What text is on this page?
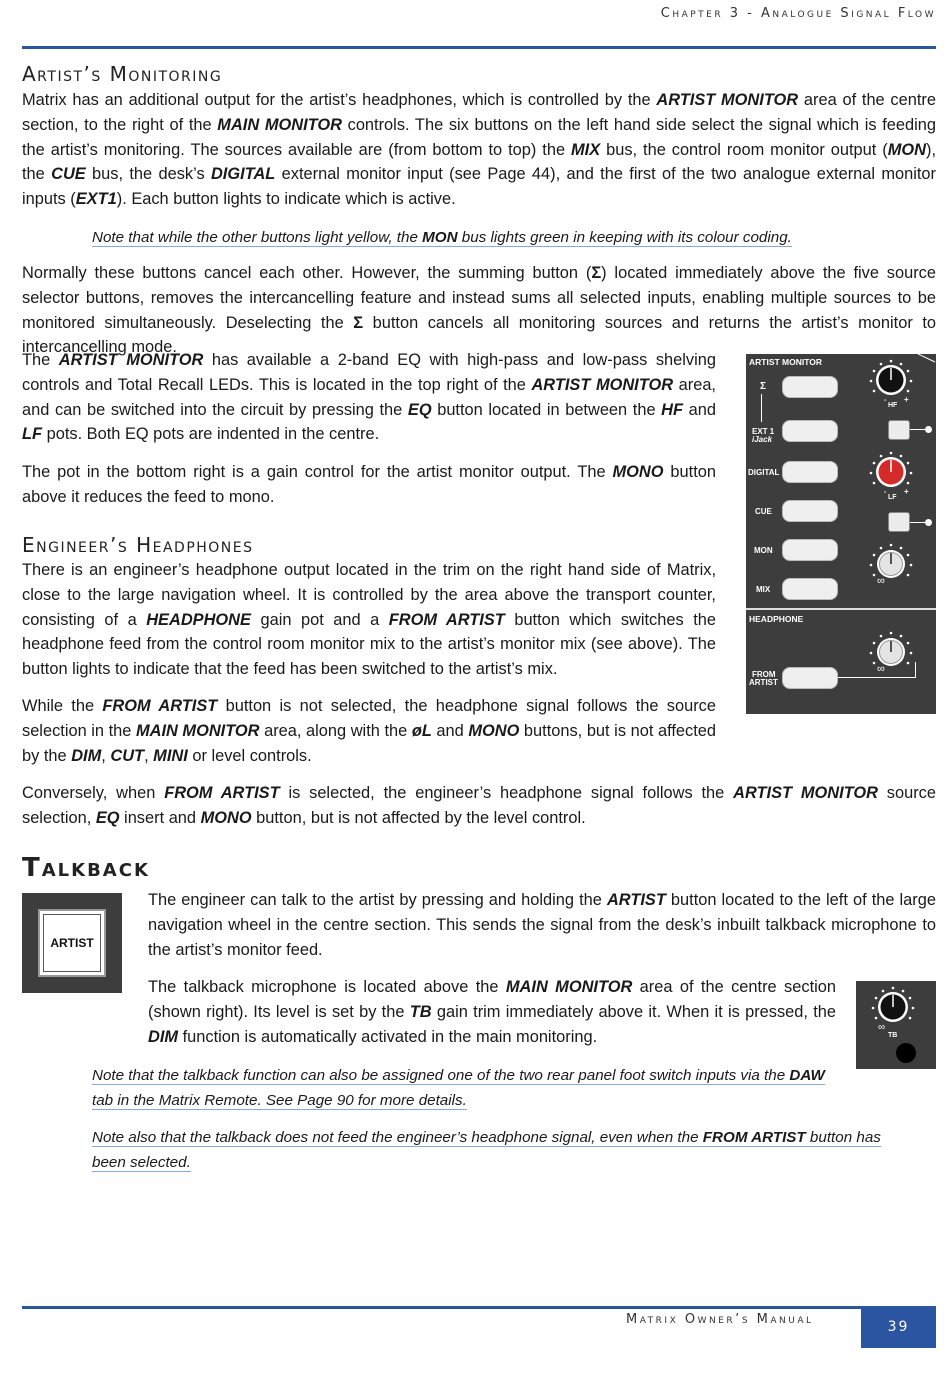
Chapter 3 - Analogue Signal Flow
Artist’s Monitoring
Matrix has an additional output for the artist’s headphones, which is controlled by the ARTIST MONITOR area of the centre section, to the right of the MAIN MONITOR controls. The six buttons on the left hand side select the signal which is feeding the artist’s monitoring. The sources available are (from bottom to top) the MIX bus, the control room monitor output (MON), the CUE bus, the desk’s DIGITAL external monitor input (see Page 44), and the first of the two analogue external monitor inputs (EXT1). Each button lights to indicate which is active.
Note that while the other buttons light yellow, the MON bus lights green in keeping with its colour coding.
Normally these buttons cancel each other. However, the summing button (Σ) located immediately above the five source selector buttons, removes the intercancelling feature and instead sums all selected inputs, enabling multiple sources to be monitored simultaneously. Deselecting the Σ button cancels all monitoring sources and returns the artist’s monitor to intercancelling mode.
The ARTIST MONITOR has available a 2-band EQ with high-pass and low-pass shelving controls and Total Recall LEDs. This is located in the top right of the ARTIST MONITOR area, and can be switched into the circuit by pressing the EQ button located in between the HF and LF pots. Both EQ pots are indented in the centre.
The pot in the bottom right is a gain control for the artist monitor output. The MONO button above it reduces the feed to mono.
ARTIST MONITOR
Σ
EXT 1
iJack
DIGITAL
CUE
MON
MIX
- +
HF
- +
LF
∞
HEADPHONE
∞
FROM
ARTIST
Engineer’s Headphones
There is an engineer’s headphone output located in the trim on the right hand side of Matrix, close to the large navigation wheel. It is controlled by the area above the transport counter, consisting of a HEADPHONE gain pot and a FROM ARTIST button which switches the headphone feed from the control room monitor mix to the artist’s monitor mix (see above). The button lights to indicate that the feed has been switched to the artist’s mix.
While the FROM ARTIST button is not selected, the headphone signal follows the source selection in the MAIN MONITOR area, along with the øL and MONO buttons, but is not affected by the DIM, CUT, MINI or level controls.
Conversely, when FROM ARTIST is selected, the engineer’s headphone signal follows the ARTIST MONITOR source selection, EQ insert and MONO button, but is not affected by the level control.
Talkback
ARTIST
The engineer can talk to the artist by pressing and holding the ARTIST button located to the left of the large navigation wheel in the centre section. This sends the signal from the desk’s inbuilt talkback microphone to the artist’s monitor feed.
The talkback microphone is located above the MAIN MONITOR area of the centre section (shown right). Its level is set by the TB gain trim immediately above it. When it is pressed, the DIM function is automatically activated in the main monitoring.
∞
TB
Note that the talkback function can also be assigned one of the two rear panel foot switch inputs via the DAW tab in the Matrix Remote. See Page 90 for more details.
Note also that the talkback does not feed the engineer’s headphone signal, even when the FROM ARTIST button has been selected.
Matrix Owner’s Manual	39
